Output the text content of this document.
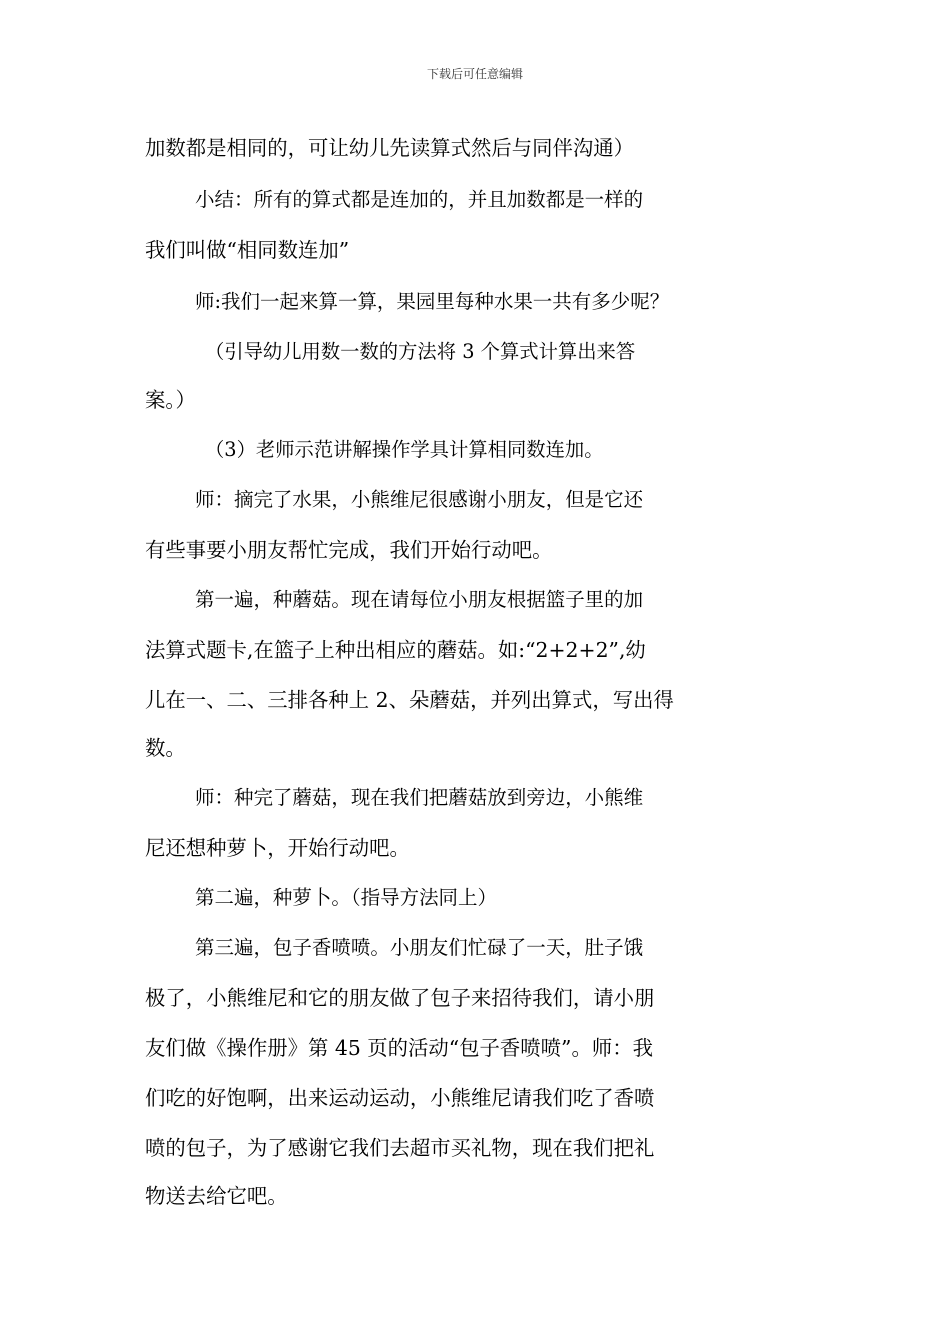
下载后可任意编辑
加数都是相同的，可让幼儿先读算式然后与同伴沟通）
小结：所有的算式都是连加的，并且加数都是一样的
我们叫做“相同数连加”
师:我们一起来算一算，果园里每种水果一共有多少呢？
（引导幼儿用数一数的方法将 3 个算式计算出来答
案。）
（3）老师示范讲解操作学具计算相同数连加。
师：摘完了水果，小熊维尼很感谢小朋友，但是它还
有些事要小朋友帮忙完成，我们开始行动吧。
第一遍，种蘑菇。现在请每位小朋友根据篮子里的加
法算式题卡,在篮子上种出相应的蘑菇。如:“2+2+2”,幼
儿在一、二、三排各种上 2、朵蘑菇，并列出算式，写出得
数。
师：种完了蘑菇，现在我们把蘑菇放到旁边，小熊维
尼还想种萝卜，开始行动吧。
第二遍，种萝卜。（指导方法同上）
第三遍，包子香喷喷。小朋友们忙碌了一天，肚子饿
极了，小熊维尼和它的朋友做了包子来招待我们，请小朋
友们做《操作册》第 45 页的活动“包子香喷喷”。师：我
们吃的好饱啊，出来运动运动，小熊维尼请我们吃了香喷
喷的包子，为了感谢它我们去超市买礼物，现在我们把礼
物送去给它吧。
